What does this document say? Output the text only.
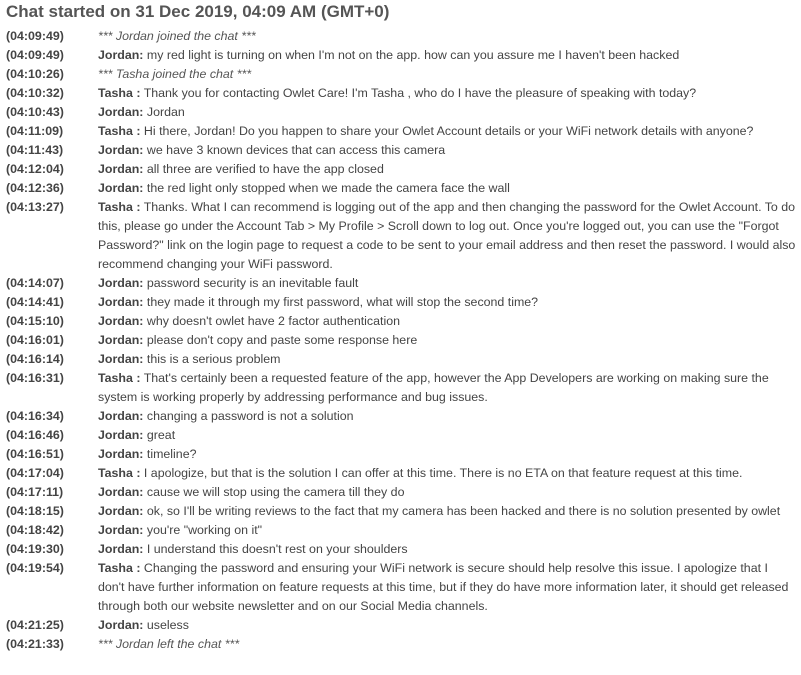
Chat started on 31 Dec 2019, 04:09 AM (GMT+0)
(04:09:49)	*** Jordan joined the chat ***
(04:09:49)	Jordan: my red light is turning on when I'm not on the app. how can you assure me I haven't been hacked
(04:10:26)	*** Tasha joined the chat ***
(04:10:32)	Tasha : Thank you for contacting Owlet Care! I'm Tasha , who do I have the pleasure of speaking with today?
(04:10:43)	Jordan: Jordan
(04:11:09)	Tasha : Hi there, Jordan! Do you happen to share your Owlet Account details or your WiFi network details with anyone?
(04:11:43)	Jordan: we have 3 known devices that can access this camera
(04:12:04)	Jordan: all three are verified to have the app closed
(04:12:36)	Jordan: the red light only stopped when we made the camera face the wall
(04:13:27)	Tasha : Thanks. What I can recommend is logging out of the app and then changing the password for the Owlet Account. To do this, please go under the Account Tab > My Profile > Scroll down to log out. Once you're logged out, you can use the "Forgot Password?" link on the login page to request a code to be sent to your email address and then reset the password. I would also recommend changing your WiFi password.
(04:14:07)	Jordan: password security is an inevitable fault
(04:14:41)	Jordan: they made it through my first password, what will stop the second time?
(04:15:10)	Jordan: why doesn't owlet have 2 factor authentication
(04:16:01)	Jordan: please don't copy and paste some response here
(04:16:14)	Jordan: this is a serious problem
(04:16:31)	Tasha : That's certainly been a requested feature of the app, however the App Developers are working on making sure the system is working properly by addressing performance and bug issues.
(04:16:34)	Jordan: changing a password is not a solution
(04:16:46)	Jordan: great
(04:16:51)	Jordan: timeline?
(04:17:04)	Tasha : I apologize, but that is the solution I can offer at this time. There is no ETA on that feature request at this time.
(04:17:11)	Jordan: cause we will stop using the camera till they do
(04:18:15)	Jordan: ok, so I'll be writing reviews to the fact that my camera has been hacked and there is no solution presented by owlet
(04:18:42)	Jordan: you're "working on it"
(04:19:30)	Jordan: I understand this doesn't rest on your shoulders
(04:19:54)	Tasha : Changing the password and ensuring your WiFi network is secure should help resolve this issue. I apologize that I don't have further information on feature requests at this time, but if they do have more information later, it should get released through both our website newsletter and on our Social Media channels.
(04:21:25)	Jordan: useless
(04:21:33)	*** Jordan left the chat ***
